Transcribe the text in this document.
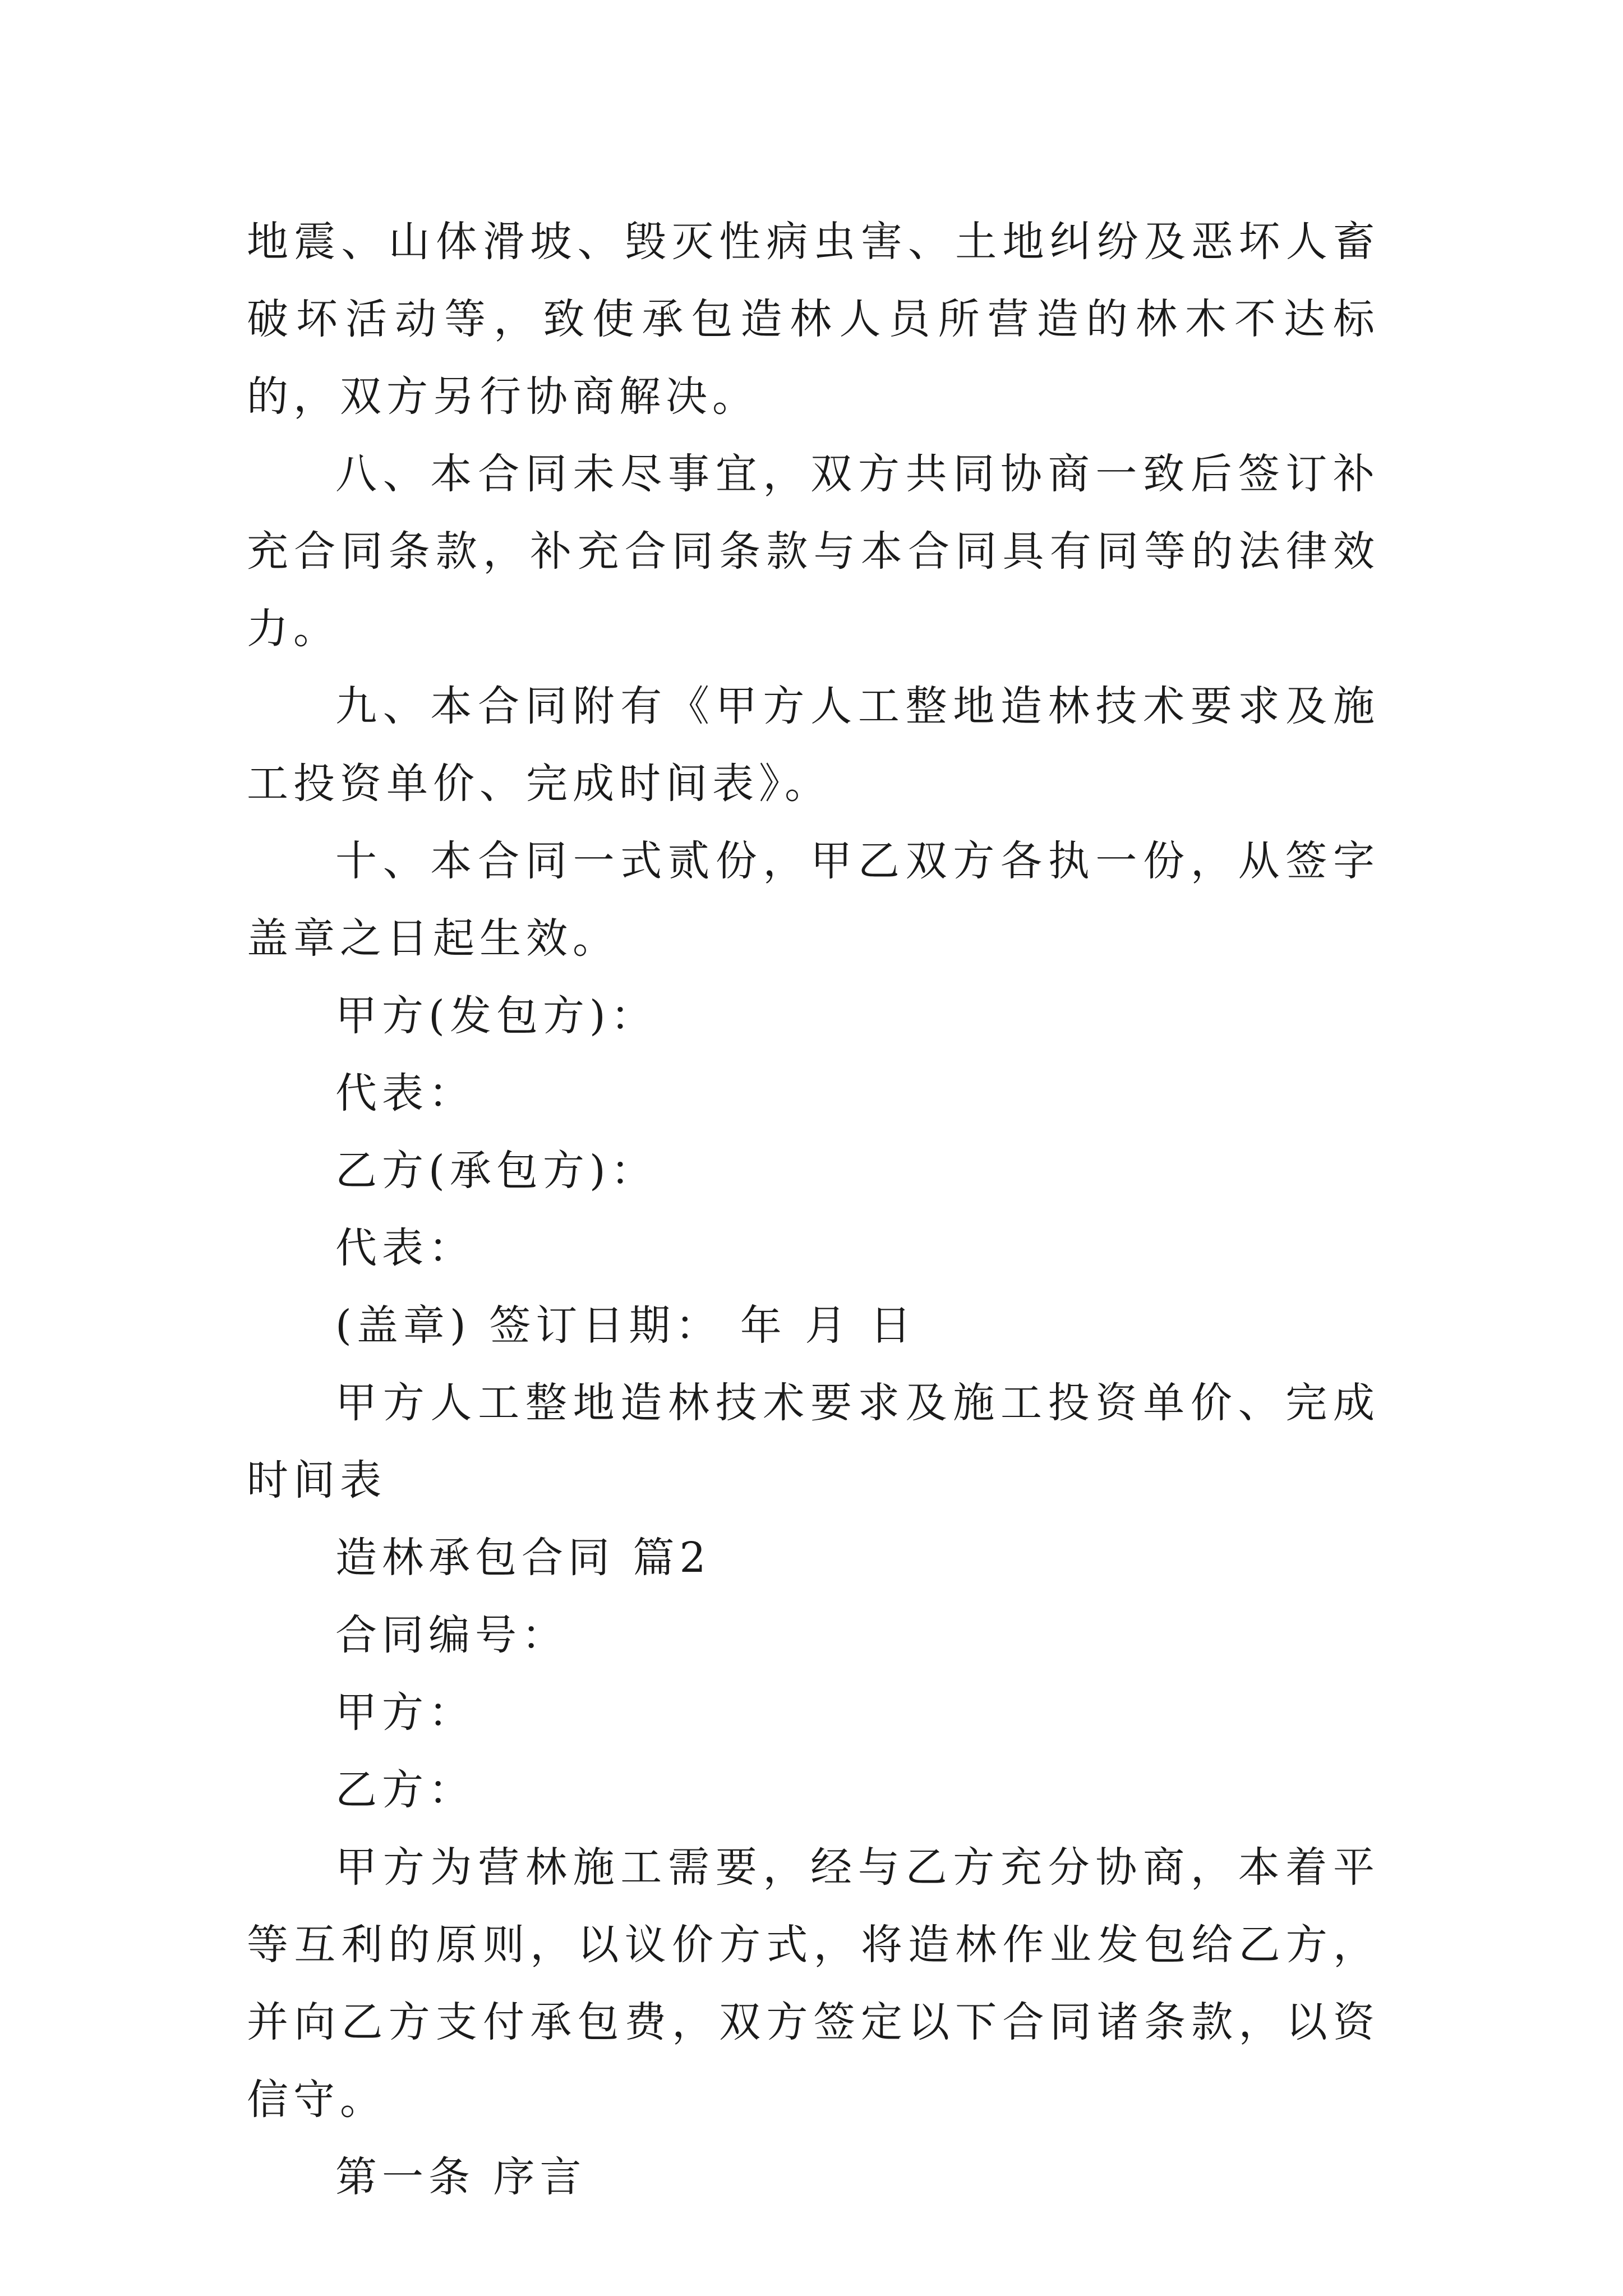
地震、山体滑坡、毁灭性病虫害、土地纠纷及恶坏人畜破坏活动等，致使承包造林人员所营造的林木不达标的，双方另行协商解决。

八、本合同未尽事宜，双方共同协商一致后签订补充合同条款，补充合同条款与本合同具有同等的法律效力。

九、本合同附有《甲方人工整地造林技术要求及施工投资单价、完成时间表》。

十、本合同一式贰份，甲乙双方各执一份，从签字盖章之日起生效。

甲方(发包方)：

代表：

乙方(承包方)：

代表：

(盖章) 签订日期： 年 月 日

甲方人工整地造林技术要求及施工投资单价、完成时间表

造林承包合同 篇2

合同编号：

甲方：

乙方：

甲方为营林施工需要，经与乙方充分协商，本着平等互利的原则，以议价方式，将造林作业发包给乙方，并向乙方支付承包费，双方签定以下合同诸条款，以资信守。

第一条 序言
